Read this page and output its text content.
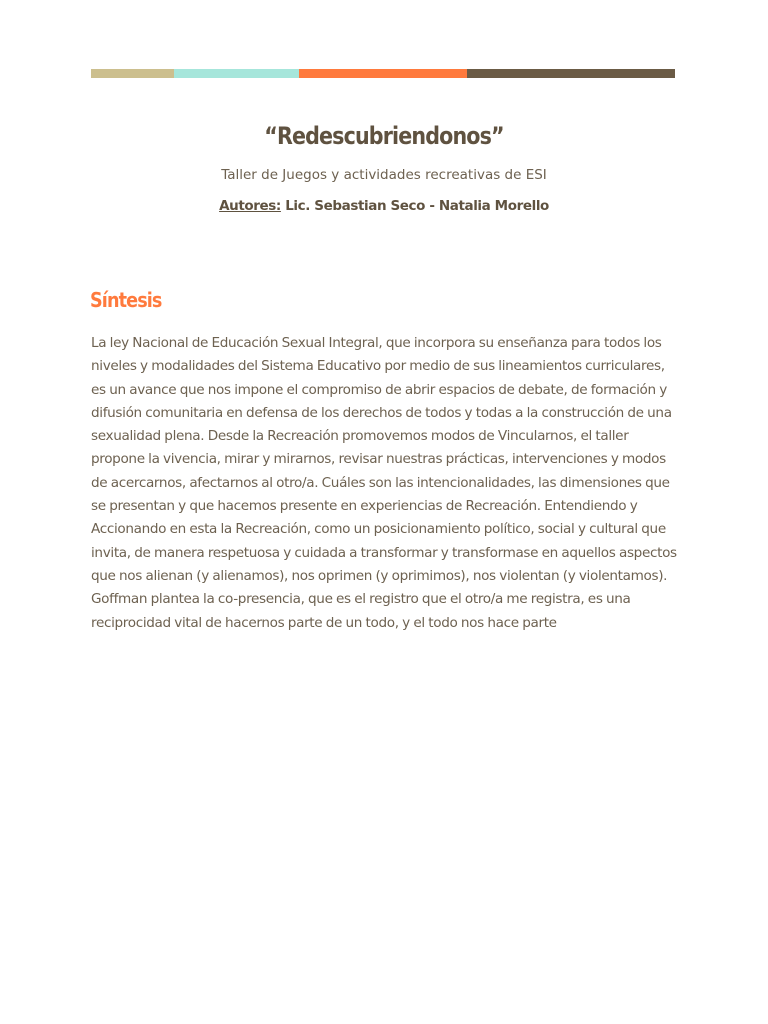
“Redescubriendonos”
Taller de Juegos y actividades recreativas de ESI
Autores: Lic. Sebastian Seco - Natalia Morello
Síntesis
La ley Nacional de Educación Sexual Integral, que incorpora su enseñanza para todos los
niveles y modalidades del Sistema Educativo por medio de sus lineamientos curriculares,
es un avance que nos impone el compromiso de abrir espacios de debate, de formación y
difusión comunitaria en defensa de los derechos de todos y todas a la construcción de una
sexualidad plena. Desde la Recreación promovemos modos de Vincularnos, el taller
propone la vivencia, mirar y mirarnos, revisar nuestras prácticas, intervenciones y modos
de acercarnos, afectarnos al otro/a. Cuáles son las intencionalidades, las dimensiones que
se presentan y que hacemos presente en experiencias de Recreación. Entendiendo y
Accionando en esta la Recreación, como un posicionamiento político, social y cultural que
invita, de manera respetuosa y cuidada a transformar y transformase en aquellos aspectos
que nos alienan (y alienamos), nos oprimen (y oprimimos), nos violentan (y violentamos).
Goffman plantea la co-presencia, que es el registro que el otro/a me registra, es una
reciprocidad vital de hacernos parte de un todo, y el todo nos hace parte
